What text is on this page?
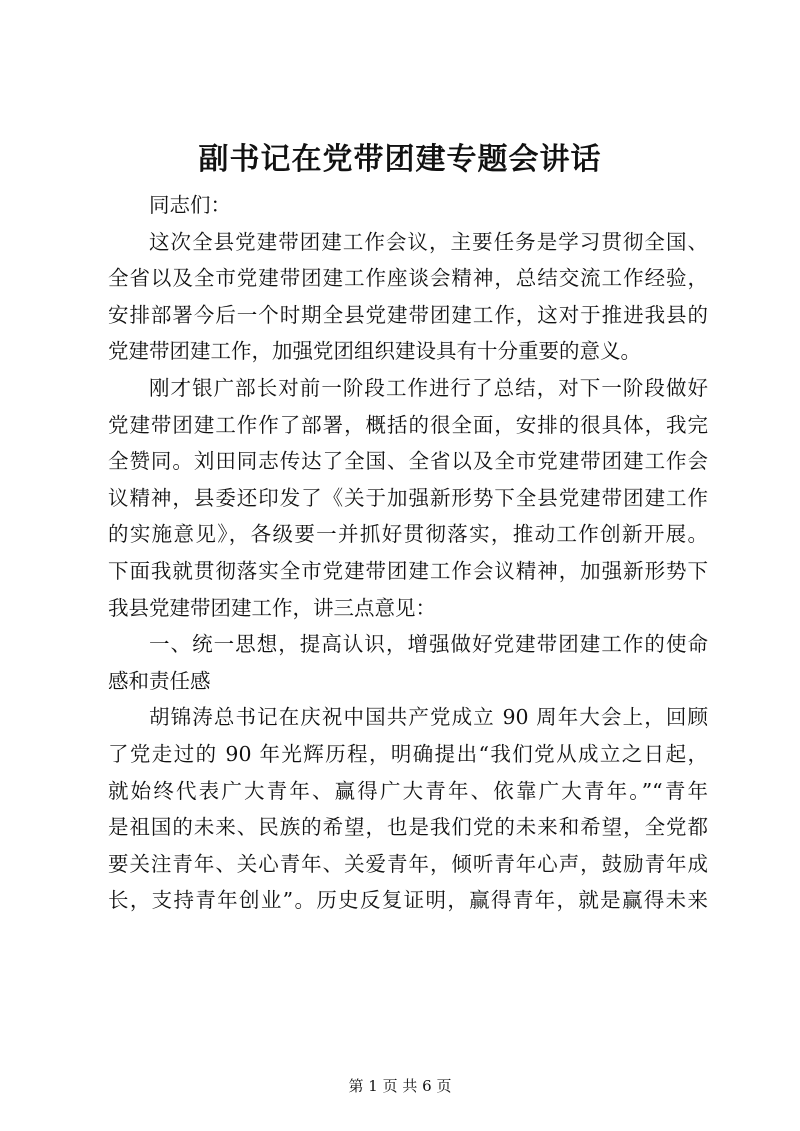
副书记在党带团建专题会讲话
同志们：
这次全县党建带团建工作会议，主要任务是学习贯彻全国、
全省以及全市党建带团建工作座谈会精神，总结交流工作经验，
安排部署今后一个时期全县党建带团建工作，这对于推进我县的
党建带团建工作，加强党团组织建设具有十分重要的意义。
刚才银广部长对前一阶段工作进行了总结，对下一阶段做好
党建带团建工作作了部署，概括的很全面，安排的很具体，我完
全赞同。刘田同志传达了全国、全省以及全市党建带团建工作会
议精神，县委还印发了《关于加强新形势下全县党建带团建工作
的实施意见》，各级要一并抓好贯彻落实，推动工作创新开展。
下面我就贯彻落实全市党建带团建工作会议精神，加强新形势下
我县党建带团建工作，讲三点意见：
一、统一思想，提高认识，增强做好党建带团建工作的使命
感和责任感
胡锦涛总书记在庆祝中国共产党成立 90 周年大会上，回顾
了党走过的 90 年光辉历程，明确提出“我们党从成立之日起，
就始终代表广大青年、赢得广大青年、依靠广大青年。”“青年
是祖国的未来、民族的希望，也是我们党的未来和希望，全党都
要关注青年、关心青年、关爱青年，倾听青年心声，鼓励青年成
长，支持青年创业”。历史反复证明，赢得青年，就是赢得未来
第 1 页 共 6 页
